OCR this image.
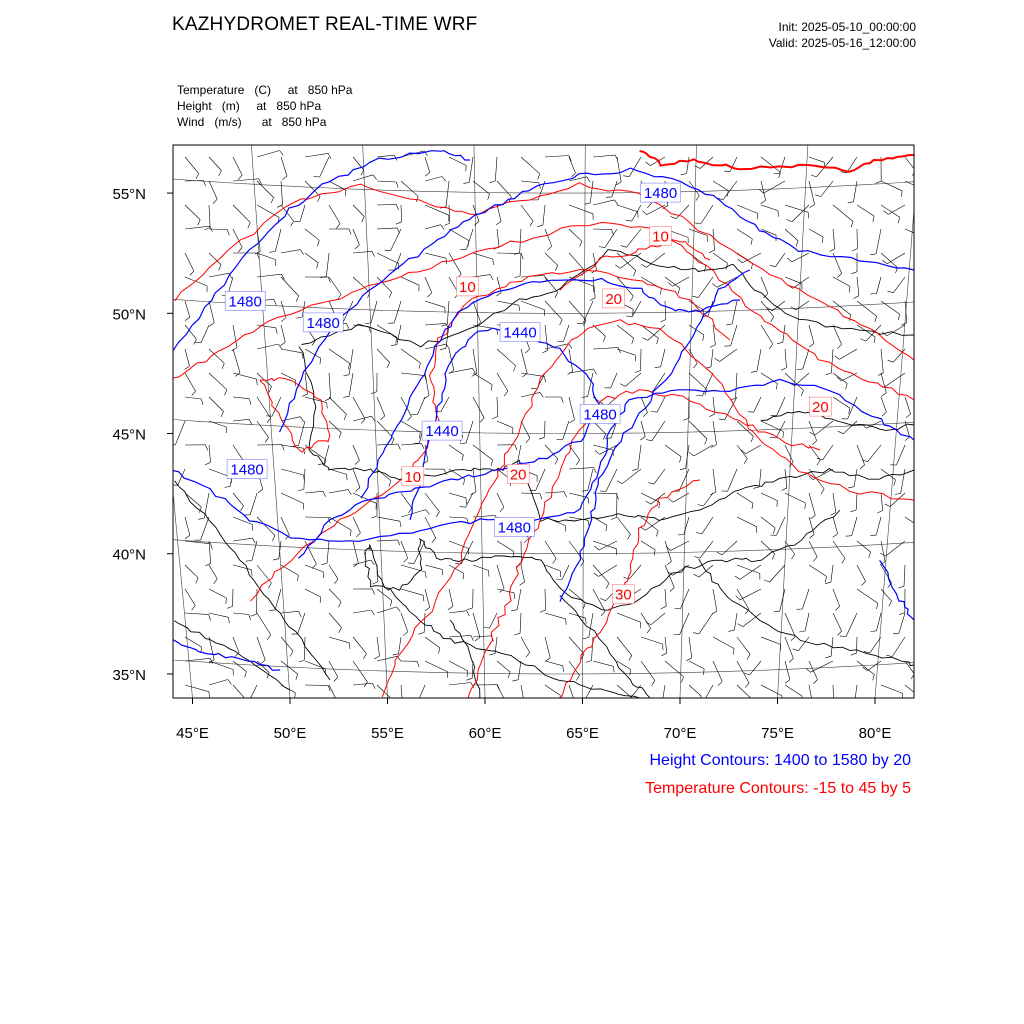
KAZHYDROMET REAL-TIME WRF	Init: 2025-05-10_00:00:00
Valid: 2025-05-16_12:00:00
Temperature (C) at 850 hPa
Height (m) at 850 hPa
Wind (m/s) at 850 hPa
1480
1480
1480
1440
1440
1480
1480
1480
10
10
20
20
10	20
30
45°E	50°E	55°E	60°E	65°E	70°E	75°E	80°E
55°N
50°N
45°N
40°N
35°N
Height Contours: 1400 to 1580 by 20
Temperature Contours: -15 to 45 by 5
